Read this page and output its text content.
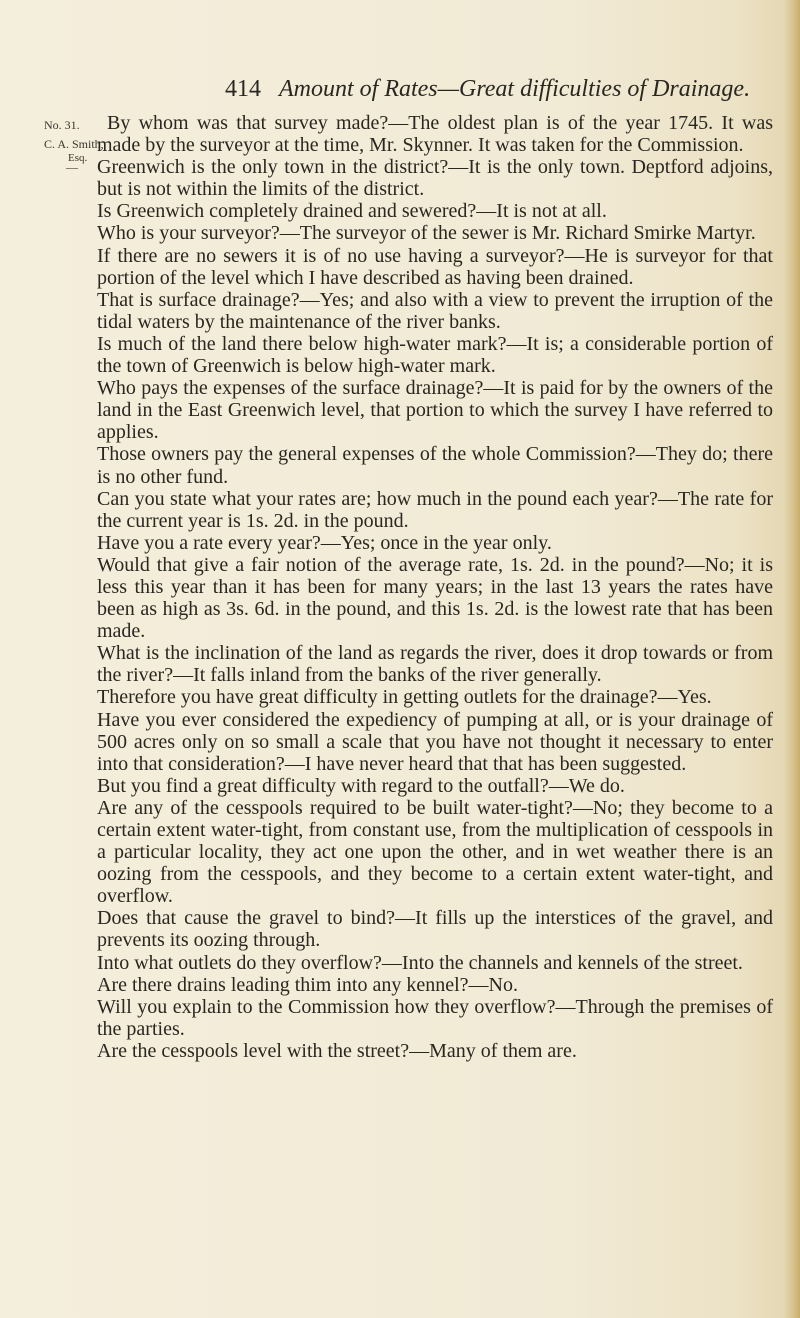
414 Amount of Rates—Great difficulties of Drainage.
No. 31.
C. A. Smith,
Esq.
—

By whom was that survey made?—The oldest plan is of the year 1745. It was made by the surveyor at the time, Mr. Skynner. It was taken for the Commission.

Greenwich is the only town in the district?—It is the only town. Deptford adjoins, but is not within the limits of the district.

Is Greenwich completely drained and sewered?—It is not at all.

Who is your surveyor?—The surveyor of the sewer is Mr. Richard Smirke Martyr.

If there are no sewers it is of no use having a surveyor?—He is surveyor for that portion of the level which I have described as having been drained.

That is surface drainage?—Yes; and also with a view to prevent the irruption of the tidal waters by the maintenance of the river banks.

Is much of the land there below high-water mark?—It is; a considerable portion of the town of Greenwich is below high-water mark.

Who pays the expenses of the surface drainage?—It is paid for by the owners of the land in the East Greenwich level, that portion to which the survey I have referred to applies.

Those owners pay the general expenses of the whole Commission?—They do; there is no other fund.

Can you state what your rates are; how much in the pound each year?—The rate for the current year is 1s. 2d. in the pound.

Have you a rate every year?—Yes; once in the year only.

Would that give a fair notion of the average rate, 1s. 2d. in the pound?—No; it is less this year than it has been for many years; in the last 13 years the rates have been as high as 3s. 6d. in the pound, and this 1s. 2d. is the lowest rate that has been made.

What is the inclination of the land as regards the river, does it drop towards or from the river?—It falls inland from the banks of the river generally.

Therefore you have great difficulty in getting outlets for the drainage?—Yes.

Have you ever considered the expediency of pumping at all, or is your drainage of 500 acres only on so small a scale that you have not thought it necessary to enter into that consideration?—I have never heard that that has been suggested.

But you find a great difficulty with regard to the outfall?—We do.

Are any of the cesspools required to be built water-tight?—No; they become to a certain extent water-tight, from constant use, from the multiplication of cesspools in a particular locality, they act one upon the other, and in wet weather there is an oozing from the cesspools, and they become to a certain extent water-tight, and overflow.

Does that cause the gravel to bind?—It fills up the interstices of the gravel, and prevents its oozing through.

Into what outlets do they overflow?—Into the channels and kennels of the street.

Are there drains leading thim into any kennel?—No.

Will you explain to the Commission how they overflow?—Through the premises of the parties.

Are the cesspools level with the street?—Many of them are.
